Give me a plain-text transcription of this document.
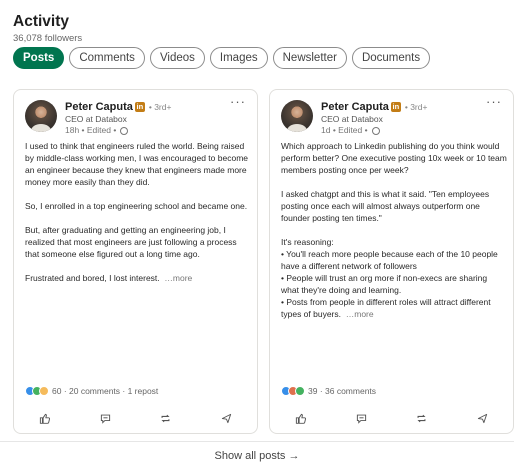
Activity
36,078 followers
Posts	Comments	Videos	Images	Newsletter	Documents
Peter Caputa in • 3rd+
CEO at Databox
18h • Edited •
···

I used to think that engineers ruled the world. Being raised by middle-class working men, I was encouraged to become an engineer because they knew that engineers made more money more easily than they did.

So, I enrolled in a top engineering school and became one.

But, after graduating and getting an engineering job, I realized that most engineers are just following a process that someone else figured out a long time ago.

Frustrated and bored, I lost interest. …more

60 · 20 comments · 1 repost
Peter Caputa in • 3rd+
CEO at Databox
1d • Edited •
···

Which approach to Linkedin publishing do you think would perform better? One executive posting 10x week or 10 team members posting once per week?

I asked chatgpt and this is what it said. "Ten employees posting once each will almost always outperform one founder posting ten times."

It's reasoning:

• You'll reach more people because each of the 10 people have a different network of followers

• People will trust an org more if non-execs are sharing what they're doing and learning.

• Posts from people in different roles will attract different types of buyers. …more

39 · 36 comments
Show all posts →
